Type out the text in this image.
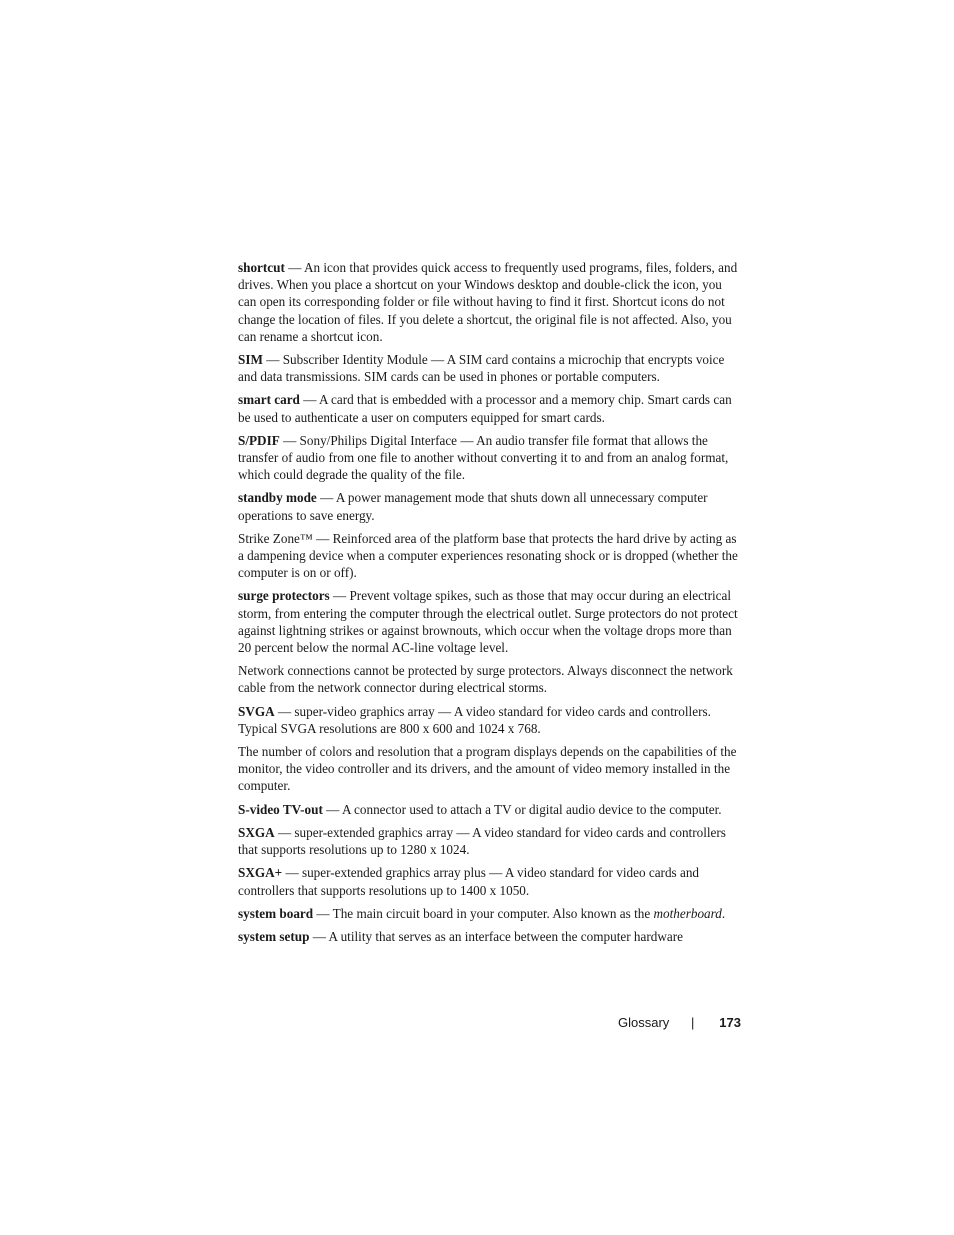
shortcut — An icon that provides quick access to frequently used programs, files, folders, and drives. When you place a shortcut on your Windows desktop and double-click the icon, you can open its corresponding folder or file without having to find it first. Shortcut icons do not change the location of files. If you delete a shortcut, the original file is not affected. Also, you can rename a shortcut icon.

SIM — Subscriber Identity Module — A SIM card contains a microchip that encrypts voice and data transmissions. SIM cards can be used in phones or portable computers.

smart card — A card that is embedded with a processor and a memory chip. Smart cards can be used to authenticate a user on computers equipped for smart cards.

S/PDIF — Sony/Philips Digital Interface — An audio transfer file format that allows the transfer of audio from one file to another without converting it to and from an analog format, which could degrade the quality of the file.

standby mode — A power management mode that shuts down all unnecessary computer operations to save energy.

Strike Zone™ — Reinforced area of the platform base that protects the hard drive by acting as a dampening device when a computer experiences resonating shock or is dropped (whether the computer is on or off).

surge protectors — Prevent voltage spikes, such as those that may occur during an electrical storm, from entering the computer through the electrical outlet. Surge protectors do not protect against lightning strikes or against brownouts, which occur when the voltage drops more than 20 percent below the normal AC-line voltage level.

Network connections cannot be protected by surge protectors. Always disconnect the network cable from the network connector during electrical storms.

SVGA — super-video graphics array — A video standard for video cards and controllers. Typical SVGA resolutions are 800 x 600 and 1024 x 768.

The number of colors and resolution that a program displays depends on the capabilities of the monitor, the video controller and its drivers, and the amount of video memory installed in the computer.

S-video TV-out — A connector used to attach a TV or digital audio device to the computer.

SXGA — super-extended graphics array — A video standard for video cards and controllers that supports resolutions up to 1280 x 1024.

SXGA+ — super-extended graphics array plus — A video standard for video cards and controllers that supports resolutions up to 1400 x 1050.

system board — The main circuit board in your computer. Also known as the motherboard.

system setup — A utility that serves as an interface between the computer hardware

Glossary | 173
